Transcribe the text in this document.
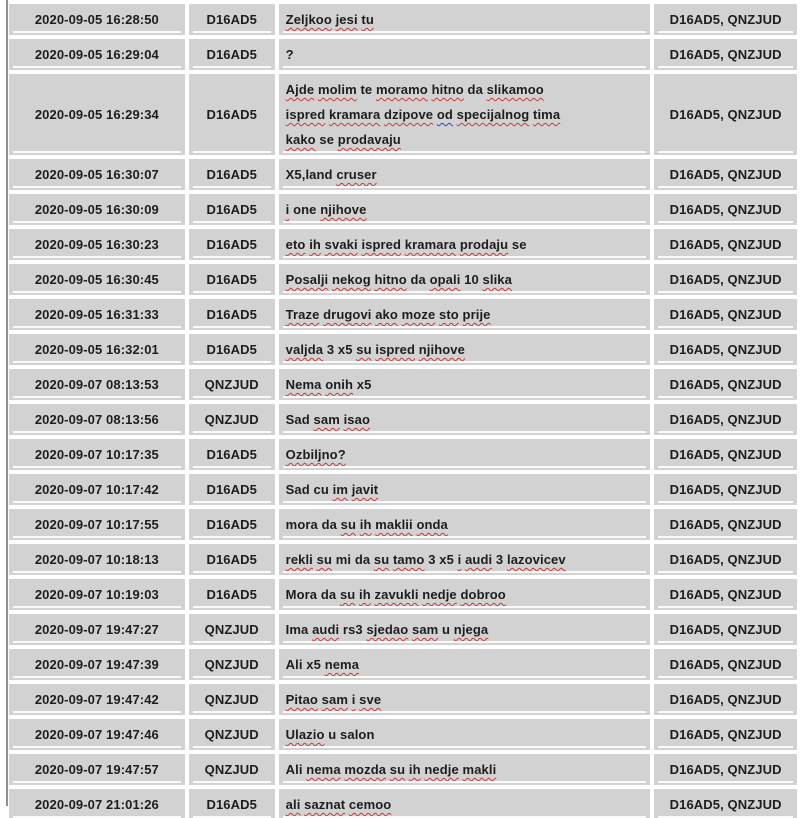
2020-09-05 16:28:50	D16AD5 Zeljkoo jesi tu	D16AD5, QNZJUD
2020-09-05 16:29:04	D16AD5 ?	D16AD5, QNZJUD
2020-09-05 16:29:34	D16AD5
Ajde molim te moramo hitno da slikamoo
ispred kramara dzipove od specijalnog tima
kako se prodavaju
D16AD5, QNZJUD
2020-09-05 16:30:07	D16AD5 X5,land cruser	D16AD5, QNZJUD
2020-09-05 16:30:09	D16AD5 i one njihove	D16AD5, QNZJUD
2020-09-05 16:30:23	D16AD5 eto ih svaki ispred kramara prodaju se	D16AD5, QNZJUD
2020-09-05 16:30:45	D16AD5 Posalji nekog hitno da opali 10 slika	D16AD5, QNZJUD
2020-09-05 16:31:33	D16AD5 Traze drugovi ako moze sto prije	D16AD5, QNZJUD
2020-09-05 16:32:01	D16AD5 valjda 3 x5 su ispred njihove	D16AD5, QNZJUD
2020-09-07 08:13:53	QNZJUD Nema onih x5	D16AD5, QNZJUD
2020-09-07 08:13:56	QNZJUD Sad sam isao	D16AD5, QNZJUD
2020-09-07 10:17:35	D16AD5 Ozbiljno?	D16AD5, QNZJUD
2020-09-07 10:17:42	D16AD5 Sad cu im javit	D16AD5, QNZJUD
2020-09-07 10:17:55	D16AD5 mora da su ih maklii onda	D16AD5, QNZJUD
2020-09-07 10:18:13	D16AD5 rekli su mi da su tamo 3 x5 i audi 3 lazovicev	D16AD5, QNZJUD
2020-09-07 10:19:03	D16AD5 Mora da su ih zavukli nedje dobroo	D16AD5, QNZJUD
2020-09-07 19:47:27	QNZJUD Ima audi rs3 sjedao sam u njega	D16AD5, QNZJUD
2020-09-07 19:47:39	QNZJUD Ali x5 nema	D16AD5, QNZJUD
2020-09-07 19:47:42	QNZJUD Pitao sam i sve	D16AD5, QNZJUD
2020-09-07 19:47:46	QNZJUD Ulazio u salon	D16AD5, QNZJUD
2020-09-07 19:47:57	QNZJUD Ali nema mozda su ih nedje makli	D16AD5, QNZJUD
2020-09-07 21:01:26	D16AD5 ali saznat cemoo	D16AD5, QNZJUD
